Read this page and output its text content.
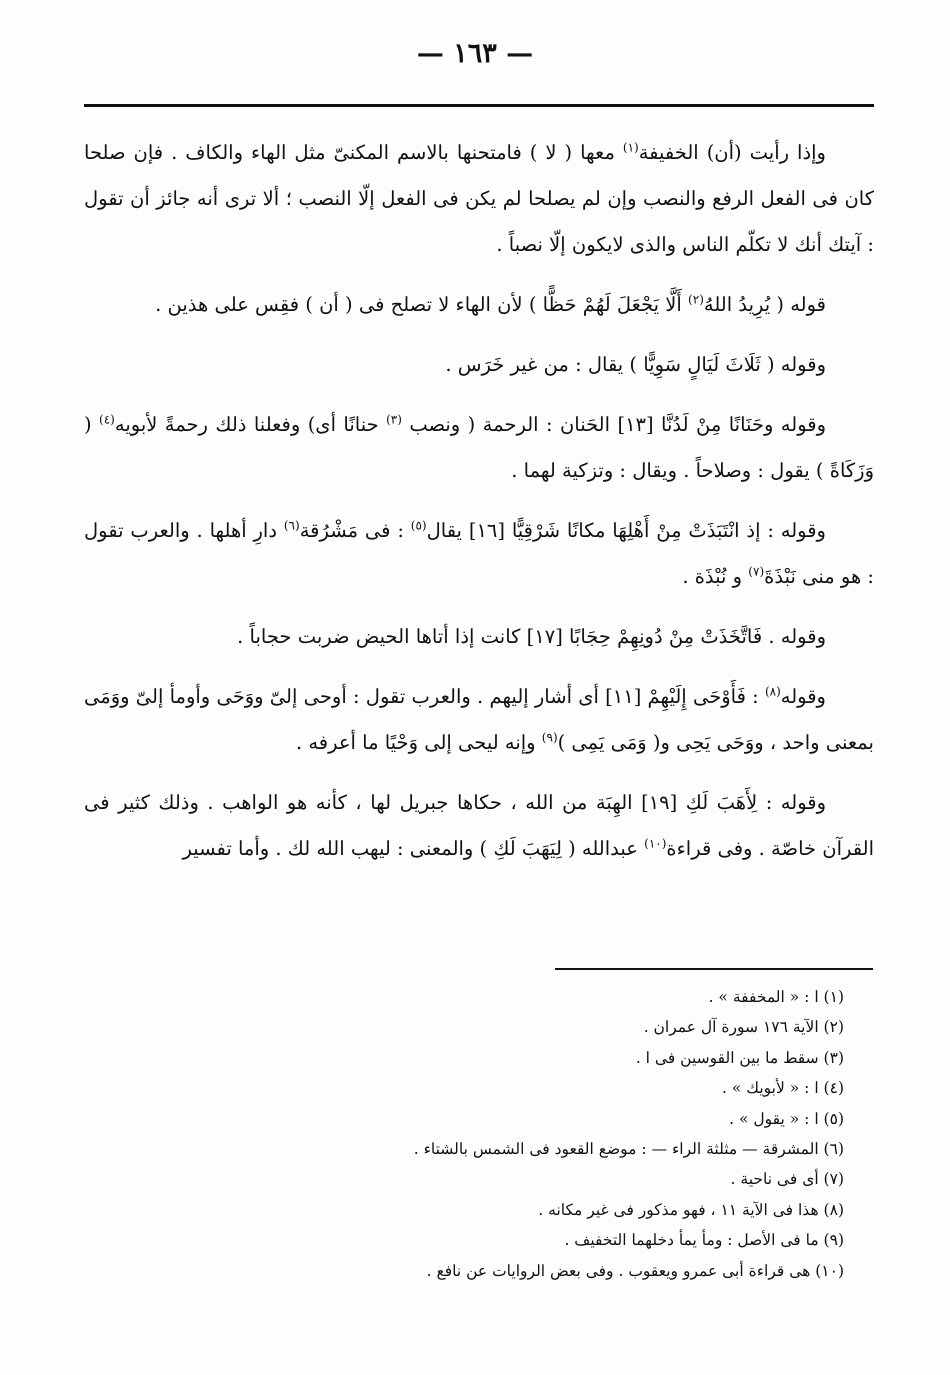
— ١٦٣ —

وإذا رأيت (أن) الخفيفة$^{(١)}$ معها ( لا ) فامتحنها بالاسم المكنىّ مثل الهاء والكاف . فإن صلحا كان فى الفعل الرفع والنصب وإن لم يصلحا لم يكن فى الفعل إلّا النصب ؛ ألا ترى أنه جائز أن تقول : آيتك أنك لا تكلّم الناس والذى لايكون إلّا نصباً .

قوله ( يُرِيدُ اللهُ$^{(٢)}$ أَلَّا يَجْعَلَ لَهُمْ حَظًّا ) لأن الهاء لا تصلح فى ( أن ) فقِس على هذين .

وقوله ( ثَلَاثَ لَيَالٍ سَوِيًّا ) يقال : من غير خَرَس .

وقوله وحَنَانًا مِنْ لَدُنَّا [١٣] الحَنان : الرحمة ( ونصب $^{(٣)}$ حنانًا أى) وفعلنا ذلك رحمةً لأبويه$^{(٤)}$ ( وَزَكَاةً ) يقول : وصلاحاً . ويقال : وتزكية لهما .

وقوله : إذ انْتَبَذَتْ مِنْ أَهْلِهَا مكانًا شَرْقِيًّا [١٦] يقال$^{(٥)}$ : فى مَشْرُقة$^{(٦)}$ دارِ أهلها . والعرب تقول : هو منى نَبْذَةَ$^{(٧)}$ و نُبْذَة .

وقوله . فَاتَّخَذَتْ مِنْ دُونِهِمْ حِجَابًا [١٧] كانت إذا أتاها الحيض ضربت حجاباً .

وقوله$^{(٨)}$ : فَأَوْحَى إِلَيْهِمْ [١١] أى أشار إليهم . والعرب تقول : أوحى إلىّ ووَحَى وأومأ إلىّ ووَمَى بمعنى واحد ، ووَحَى يَحِى و( وَمَى يَمِى )$^{(٩)}$ وإنه ليحى إلى وَحْيًا ما أعرفه .

وقوله : لِأَهَبَ لَكِ [١٩] الهِبَة من الله ، حكاها جبريل لها ، كأنه هو الواهب . وذلك كثير فى القرآن خاصّة . وفى قراءة$^{(١٠)}$ عبدالله ( لِيَهَبَ لَكِ ) والمعنى : ليهب الله لك . وأما تفسير

(١) ا : « المخففة » .
(٢) الآية ١٧٦ سورة آل عمران .
(٣) سقط ما بين القوسين فى ا .
(٤) ا : « لأبويك » .
(٥) ا : « يقول » .
(٦) المشرقة — مثلثة الراء — : موضع القعود فى الشمس بالشتاء .
(٧) أى فى ناحية .
(٨) هذا فى الآية ١١ ، فهو مذكور فى غير مكانه .
(٩) ما فى الأصل : ومأ يمأ دخلهما التخفيف .
(١٠) هى قراءة أبى عمرو ويعقوب . وفى بعض الروايات عن نافع .
